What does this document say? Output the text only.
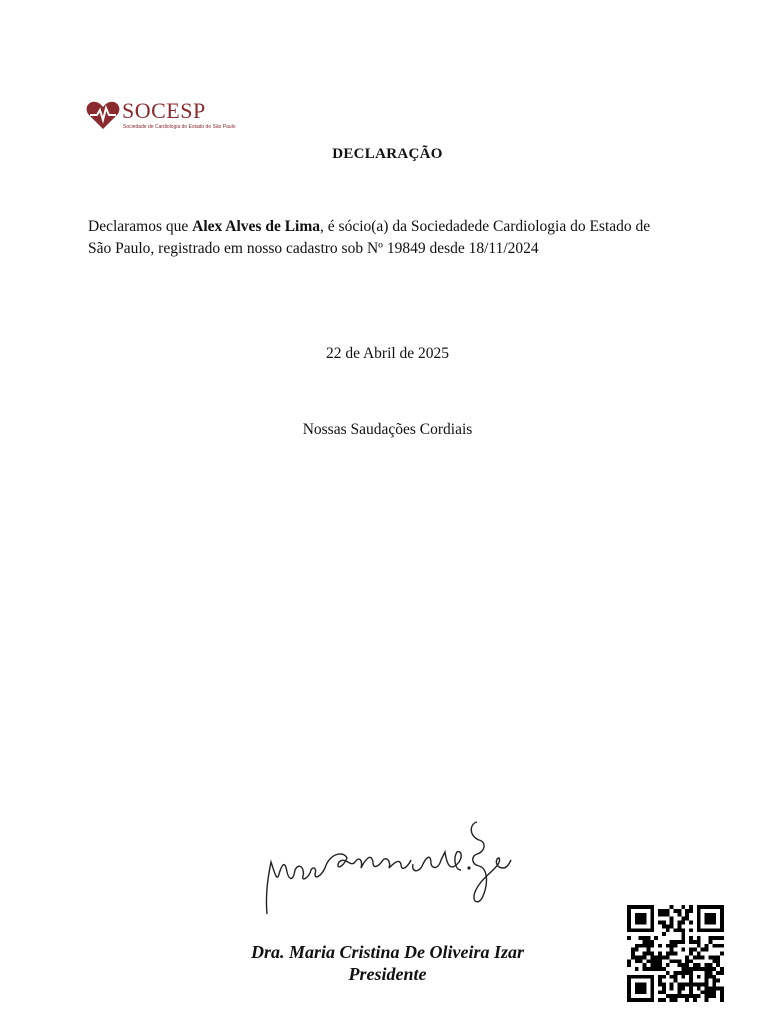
SOCESP
Sociedade de Cardiologia do Estado de São Paulo
DECLARAÇÃO
Declaramos que Alex Alves de Lima, é sócio(a) da Sociedadede Cardiologia do Estado de
São Paulo, registrado em nosso cadastro sob Nº 19849 desde 18/11/2024
22 de Abril de 2025
Nossas Saudações Cordiais
Dra. Maria Cristina De Oliveira Izar
Presidente
